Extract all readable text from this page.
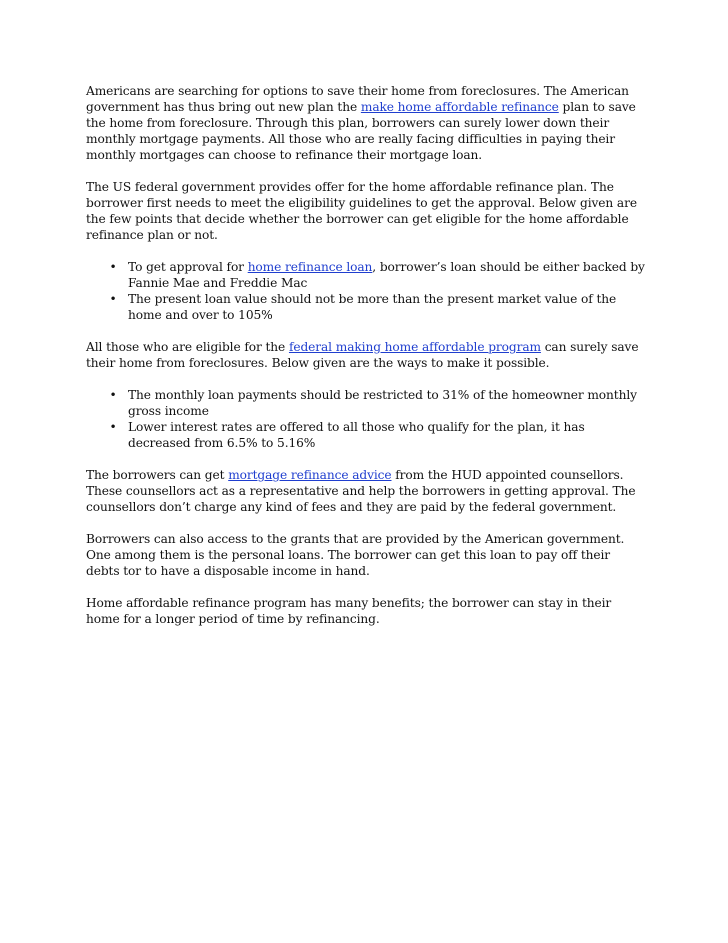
Americans are searching for options to save their home from foreclosures. The American government has thus bring out new plan the make home affordable refinance plan to save the home from foreclosure. Through this plan, borrowers can surely lower down their monthly mortgage payments. All those who are really facing difficulties in paying their monthly mortgages can choose to refinance their mortgage loan.

The US federal government provides offer for the home affordable refinance plan. The borrower first needs to meet the eligibility guidelines to get the approval. Below given are the few points that decide whether the borrower can get eligible for the home affordable refinance plan or not.

• To get approval for home refinance loan, borrower’s loan should be either backed by Fannie Mae and Freddie Mac
• The present loan value should not be more than the present market value of the home and over to 105%

All those who are eligible for the federal making home affordable program can surely save their home from foreclosures. Below given are the ways to make it possible.

• The monthly loan payments should be restricted to 31% of the homeowner monthly gross income
• Lower interest rates are offered to all those who qualify for the plan, it has decreased from 6.5% to 5.16%

The borrowers can get mortgage refinance advice from the HUD appointed counsellors. These counsellors act as a representative and help the borrowers in getting approval. The counsellors don’t charge any kind of fees and they are paid by the federal government.

Borrowers can also access to the grants that are provided by the American government. One among them is the personal loans. The borrower can get this loan to pay off their debts tor to have a disposable income in hand.

Home affordable refinance program has many benefits; the borrower can stay in their home for a longer period of time by refinancing.
